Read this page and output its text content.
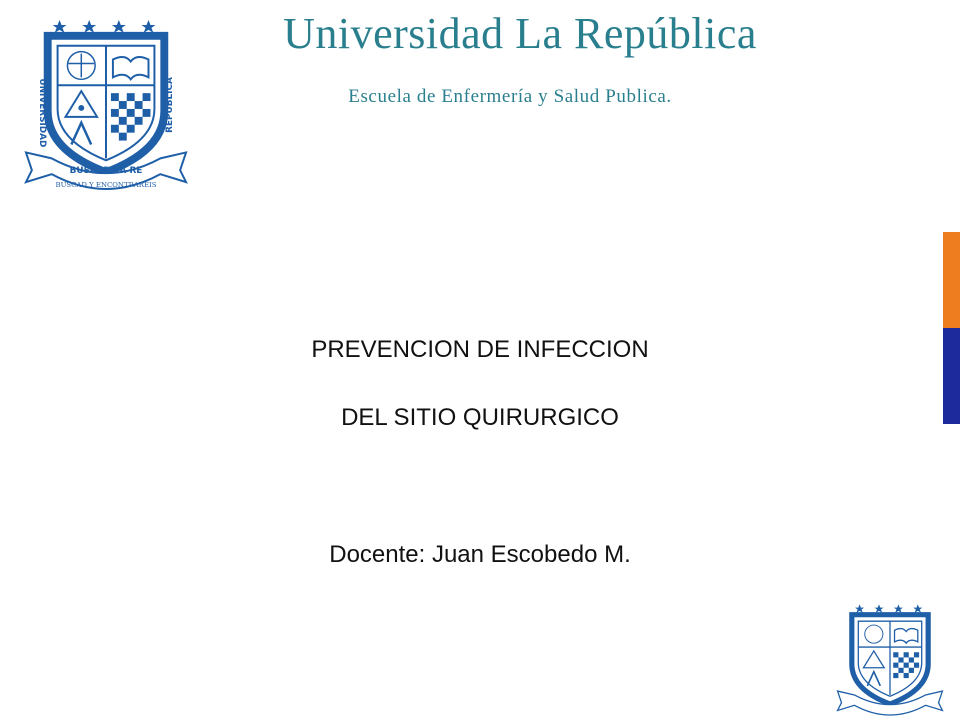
UNIVERSIDAD	REPÚBLICA
BUSCAD LA RE
BUSCAD Y ENCONTRAREIS
Universidad La República
Escuela de Enfermería y Salud Publica.
PREVENCION DE INFECCION
DEL SITIO QUIRURGICO
Docente: Juan Escobedo M.
